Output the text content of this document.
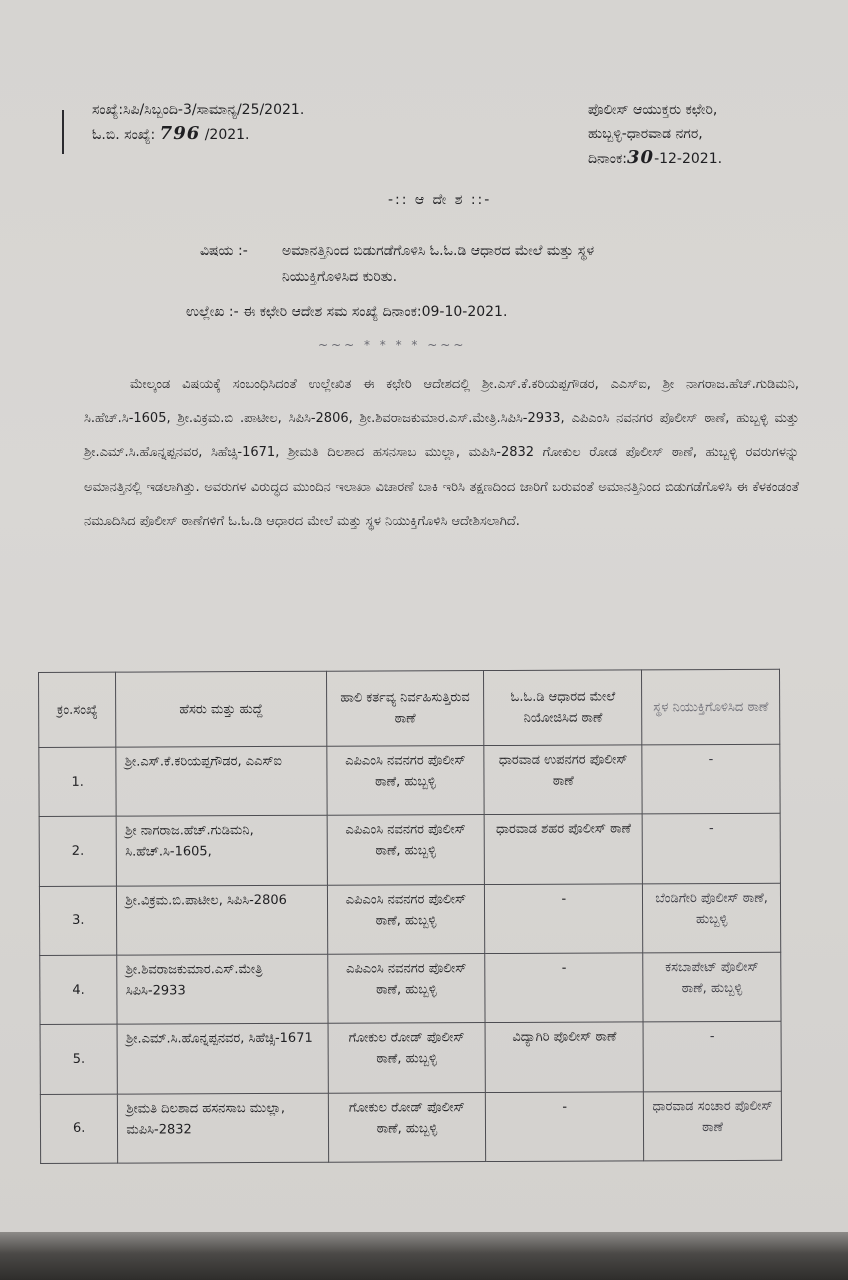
ಸಂಖ್ಯೆ:ಸಿಪಿ/ಸಿಬ್ಬಂದಿ-3/ಸಾಮಾನ್ಯ/25/2021.
ಓ.ಬಿ. ಸಂಖ್ಯೆ: 796 /2021.
ಪೊಲೀಸ್ ಆಯುಕ್ತರು ಕಛೇರಿ,
ಹುಬ್ಬಳ್ಳಿ-ಧಾರವಾಡ ನಗರ,
ದಿನಾಂಕ:30-12-2021.
-:: ಆ ದೇ ಶ ::-
ವಿಷಯ :- ಅಮಾನತ್ತಿನಿಂದ ಬಿಡುಗಡೆಗೊಳಿಸಿ ಓ.ಓ.ಡಿ ಆಧಾರದ ಮೇಲೆ ಮತ್ತು ಸ್ಥಳ
ನಿಯುಕ್ತಿಗೊಳಿಸಿದ ಕುರಿತು.
ಉಲ್ಲೇಖ :- ಈ ಕಛೇರಿ ಆದೇಶ ಸಮ ಸಂಖ್ಯೆ ದಿನಾಂಕ:09-10-2021.
~~~ * * * * ~~~
ಮೇಲ್ಕಂಡ ವಿಷಯಕ್ಕೆ ಸಂಬಂಧಿಸಿದಂತೆ ಉಲ್ಲೇಖಿತ ಈ ಕಛೇರಿ ಆದೇಶದಲ್ಲಿ ಶ್ರೀ.ಎಸ್.ಕೆ.ಕರಿಯಪ್ಪಗೌಡರ, ಎಎಸ್ಐ, ಶ್ರೀ ನಾಗರಾಜ.ಹೆಚ್.ಗುಡಿಮನಿ, ಸಿ.ಹೆಚ್.ಸಿ-1605, ಶ್ರೀ.ವಿಕ್ರಮ.ಬಿ .ಪಾಟೀಲ, ಸಿಪಿಸಿ-2806, ಶ್ರೀ.ಶಿವರಾಜಕುಮಾರ.ಎಸ್.ಮೇತ್ರಿ.ಸಿಪಿಸಿ-2933, ಎಪಿಎಂಸಿ ನವನಗರ ಪೊಲೀಸ್ ಠಾಣೆ, ಹುಬ್ಬಳ್ಳಿ ಮತ್ತು ಶ್ರೀ.ಎಮ್.ಸಿ.ಹೊನ್ನಪ್ಪನವರ, ಸಿಹೆಚ್ಸಿ-1671, ಶ್ರೀಮತಿ ದಿಲಶಾದ ಹಸನಸಾಬ ಮುಲ್ಲಾ, ಮಪಿಸಿ-2832 ಗೋಕುಲ ರೋಡ ಪೊಲೀಸ್ ಠಾಣೆ, ಹುಬ್ಬಳ್ಳಿ ರವರುಗಳನ್ನು ಅಮಾನತ್ತಿನಲ್ಲಿ ಇಡಲಾಗಿತ್ತು. ಅವರುಗಳ ವಿರುದ್ಧದ ಮುಂದಿನ ಇಲಾಖಾ ವಿಚಾರಣೆ ಬಾಕಿ ಇರಿಸಿ ತಕ್ಷಣದಿಂದ ಜಾರಿಗೆ ಬರುವಂತೆ ಅಮಾನತ್ತಿನಿಂದ ಬಿಡುಗಡೆಗೊಳಿಸಿ ಈ ಕೆಳಕಂಡಂತೆ ನಮೂದಿಸಿದ ಪೊಲೀಸ್ ಠಾಣೆಗಳಿಗೆ ಓ.ಓ.ಡಿ ಆಧಾರದ ಮೇಲೆ ಮತ್ತು ಸ್ಥಳ ನಿಯುಕ್ತಿಗೊಳಿಸಿ ಆದೇಶಿಸಲಾಗಿದೆ.
ಕ್ರಂ.ಸಂಖ್ಯೆ	ಹೆಸರು ಮತ್ತು ಹುದ್ದೆ	ಹಾಲಿ ಕರ್ತವ್ಯ ನಿರ್ವಹಿಸುತ್ತಿರುವ ಠಾಣೆ	ಓ.ಓ.ಡಿ ಆಧಾರದ ಮೇಲೆ ನಿಯೋಜಿಸಿದ ಠಾಣೆ	ಸ್ಥಳ ನಿಯುಕ್ತಿಗೊಳಿಸಿದ ಠಾಣೆ
1.	ಶ್ರೀ.ಎಸ್.ಕೆ.ಕರಿಯಪ್ಪಗೌಡರ, ಎಎಸ್ಐ	ಎಪಿಎಂಸಿ ನವನಗರ ಪೊಲೀಸ್ ಠಾಣೆ, ಹುಬ್ಬಳ್ಳಿ	ಧಾರವಾಡ ಉಪನಗರ ಪೊಲೀಸ್ ಠಾಣೆ	-
2.	ಶ್ರೀ ನಾಗರಾಜ.ಹೆಚ್.ಗುಡಿಮನಿ, ಸಿ.ಹೆಚ್.ಸಿ-1605,	ಎಪಿಎಂಸಿ ನವನಗರ ಪೊಲೀಸ್ ಠಾಣೆ, ಹುಬ್ಬಳ್ಳಿ	ಧಾರವಾಡ ಶಹರ ಪೊಲೀಸ್ ಠಾಣೆ	-
3.	ಶ್ರೀ.ವಿಕ್ರಮ.ಬಿ.ಪಾಟೀಲ, ಸಿಪಿಸಿ-2806	ಎಪಿಎಂಸಿ ನವನಗರ ಪೊಲೀಸ್ ಠಾಣೆ, ಹುಬ್ಬಳ್ಳಿ	-	ಬೆಂಡಿಗೇರಿ ಪೊಲೀಸ್ ಠಾಣೆ, ಹುಬ್ಬಳ್ಳಿ
4.	ಶ್ರೀ.ಶಿವರಾಜಕುಮಾರ.ಎಸ್.ಮೇತ್ರಿ ಸಿಪಿಸಿ-2933	ಎಪಿಎಂಸಿ ನವನಗರ ಪೊಲೀಸ್ ಠಾಣೆ, ಹುಬ್ಬಳ್ಳಿ	-	ಕಸಬಾಪೇಟ್ ಪೊಲೀಸ್ ಠಾಣೆ, ಹುಬ್ಬಳ್ಳಿ
5.	ಶ್ರೀ.ಎಮ್.ಸಿ.ಹೊನ್ನಪ್ಪನವರ, ಸಿಹೆಚ್ಸಿ-1671	ಗೋಕುಲ ರೋಡ್ ಪೊಲೀಸ್ ಠಾಣೆ, ಹುಬ್ಬಳ್ಳಿ	ವಿದ್ಯಾಗಿರಿ ಪೊಲೀಸ್ ಠಾಣೆ	-
6.	ಶ್ರೀಮತಿ ದಿಲಶಾದ ಹಸನಸಾಬ ಮುಲ್ಲಾ, ಮಪಿಸಿ-2832	ಗೋಕುಲ ರೋಡ್ ಪೊಲೀಸ್ ಠಾಣೆ, ಹುಬ್ಬಳ್ಳಿ	-	ಧಾರವಾಡ ಸಂಚಾರ ಪೊಲೀಸ್ ಠಾಣೆ
